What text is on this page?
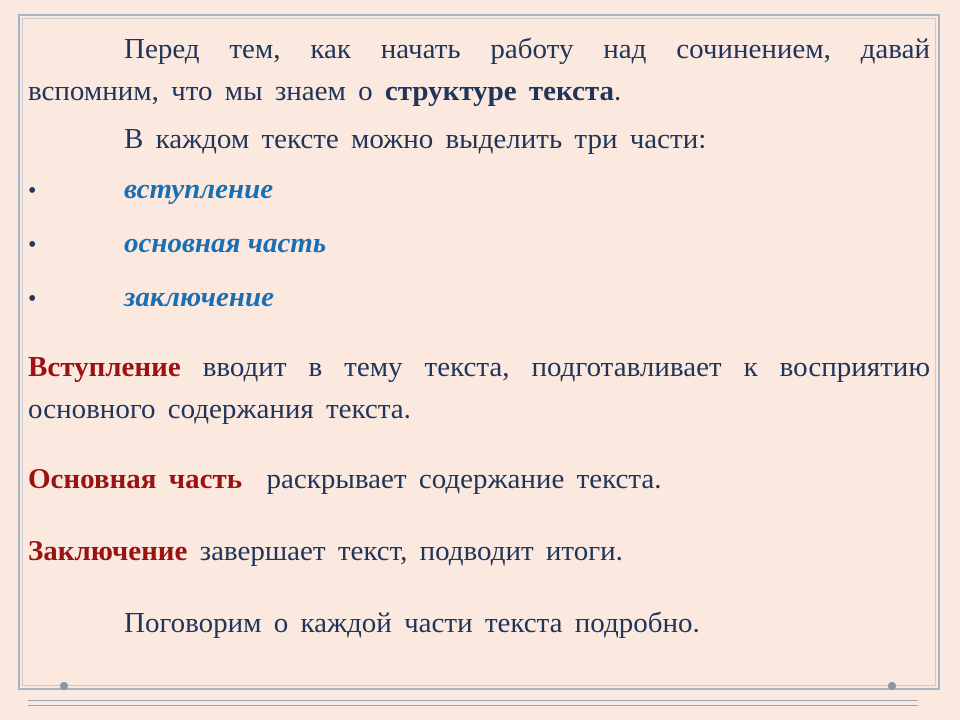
Перед тем, как начать работу над сочинением, давай вспомним, что мы знаем о структуре текста.

В каждом тексте можно выделить три части:

•	вступление
•	основная часть
•	заключение

Вступление вводит в тему текста, подготавливает к восприятию основного содержания текста.

Основная часть  раскрывает содержание текста.

Заключение завершает текст, подводит итоги.

Поговорим о каждой части текста подробно.
